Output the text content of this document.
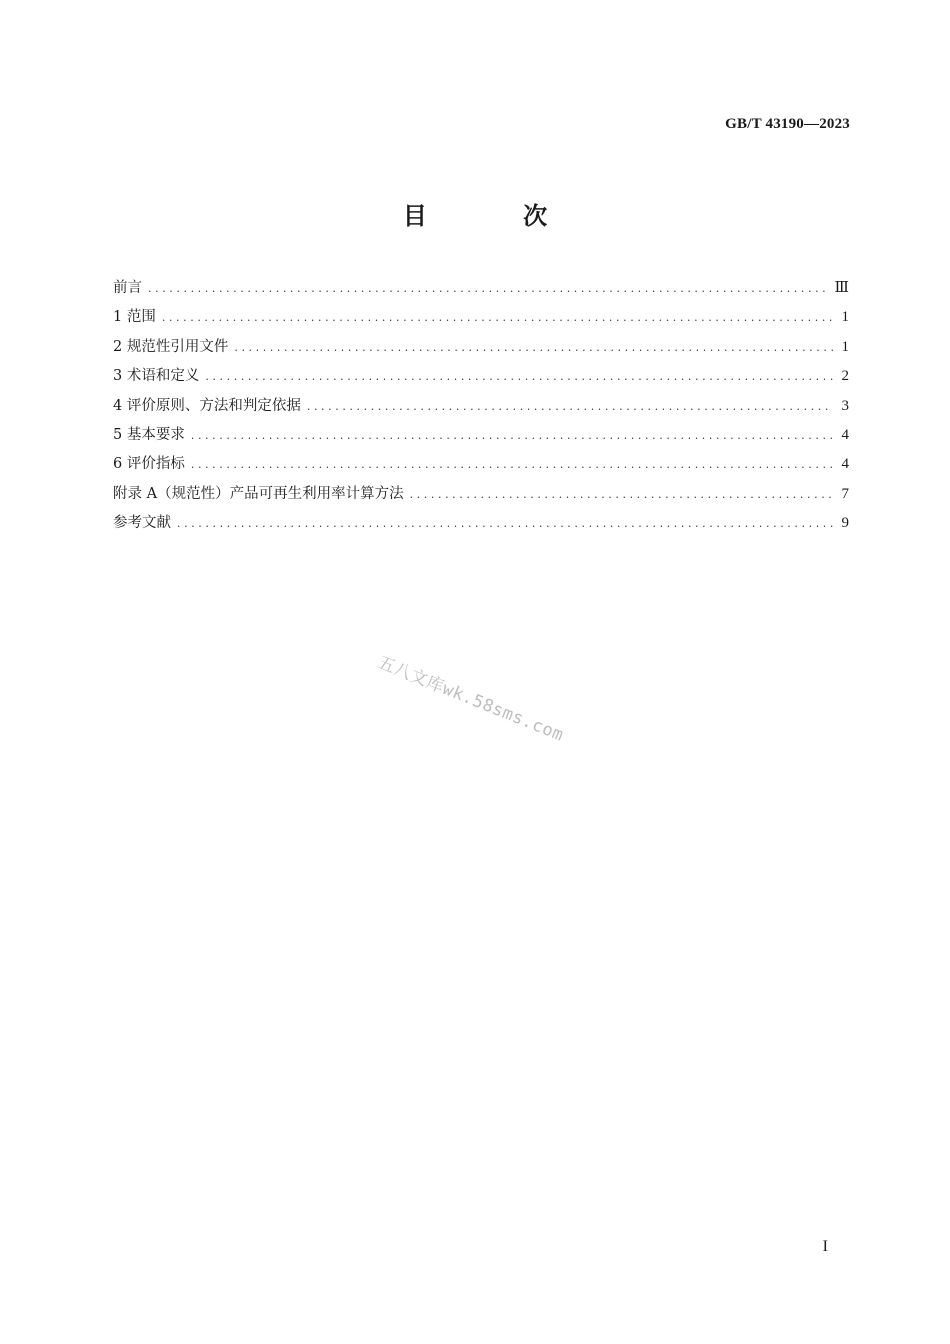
GB/T 43190—2023
目 次
前言 .....	Ⅲ
1 范围 .....	1
2 规范性引用文件 .....	1
3 术语和定义 .....	2
4 评价原则、方法和判定依据 .....	3
5 基本要求 .....	4
6 评价指标 .....	4
附录 A（规范性）产品可再生利用率计算方法 .....	7
参考文献 .....	9
五八文库wk.58sms.com
I
